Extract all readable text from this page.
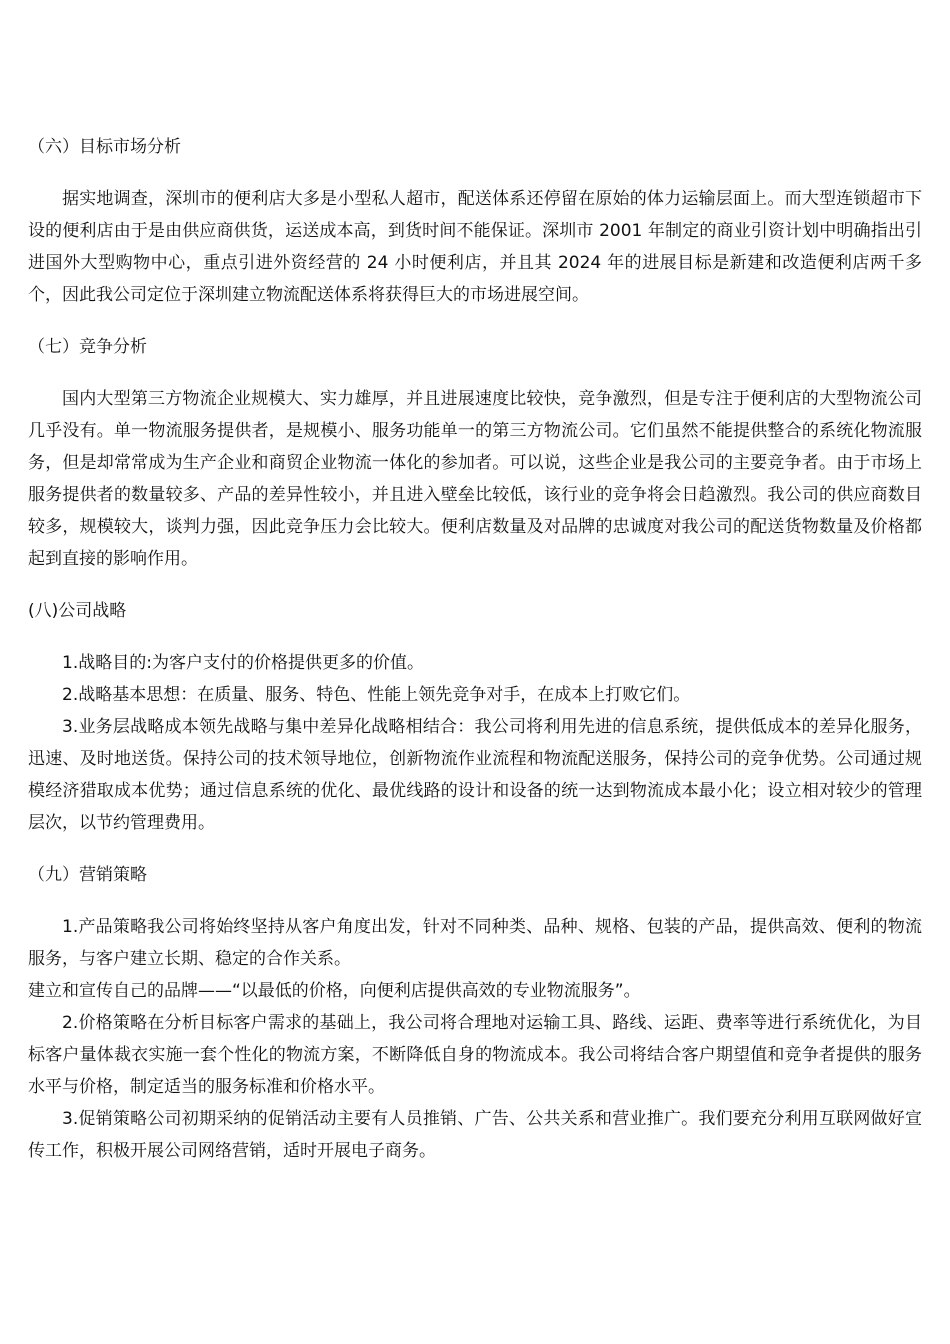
（六）目标市场分析

据实地调查，深圳市的便利店大多是小型私人超市，配送体系还停留在原始的体力运输层面上。而大型连锁超市下设的便利店由于是由供应商供货，运送成本高，到货时间不能保证。深圳市 2001 年制定的商业引资计划中明确指出引进国外大型购物中心，重点引进外资经营的 24 小时便利店，并且其 2024 年的进展目标是新建和改造便利店两千多个，因此我公司定位于深圳建立物流配送体系将获得巨大的市场进展空间。

（七）竞争分析

国内大型第三方物流企业规模大、实力雄厚，并且进展速度比较快，竞争激烈，但是专注于便利店的大型物流公司几乎没有。单一物流服务提供者，是规模小、服务功能单一的第三方物流公司。它们虽然不能提供整合的系统化物流服务，但是却常常成为生产企业和商贸企业物流一体化的参加者。可以说，这些企业是我公司的主要竞争者。由于市场上服务提供者的数量较多、产品的差异性较小，并且进入壁垒比较低，该行业的竞争将会日趋激烈。我公司的供应商数目较多，规模较大，谈判力强，因此竞争压力会比较大。便利店数量及对品牌的忠诚度对我公司的配送货物数量及价格都起到直接的影响作用。

(八)公司战略

1.战略目的:为客户支付的价格提供更多的价值。

2.战略基本思想：在质量、服务、特色、性能上领先竞争对手，在成本上打败它们。

3.业务层战略成本领先战略与集中差异化战略相结合：我公司将利用先进的信息系统，提供低成本的差异化服务，迅速、及时地送货。保持公司的技术领导地位，创新物流作业流程和物流配送服务，保持公司的竞争优势。公司通过规模经济猎取成本优势；通过信息系统的优化、最优线路的设计和设备的统一达到物流成本最小化；设立相对较少的管理层次，以节约管理费用。

（九）营销策略

1.产品策略我公司将始终坚持从客户角度出发，针对不同种类、品种、规格、包装的产品，提供高效、便利的物流服务，与客户建立长期、稳定的合作关系。

建立和宣传自己的品牌——“以最低的价格，向便利店提供高效的专业物流服务”。

2.价格策略在分析目标客户需求的基础上，我公司将合理地对运输工具、路线、运距、费率等进行系统优化，为目标客户量体裁衣实施一套个性化的物流方案，不断降低自身的物流成本。我公司将结合客户期望值和竞争者提供的服务水平与价格，制定适当的服务标准和价格水平。

3.促销策略公司初期采纳的促销活动主要有人员推销、广告、公共关系和营业推广。我们要充分利用互联网做好宣传工作，积极开展公司网络营销，适时开展电子商务。
